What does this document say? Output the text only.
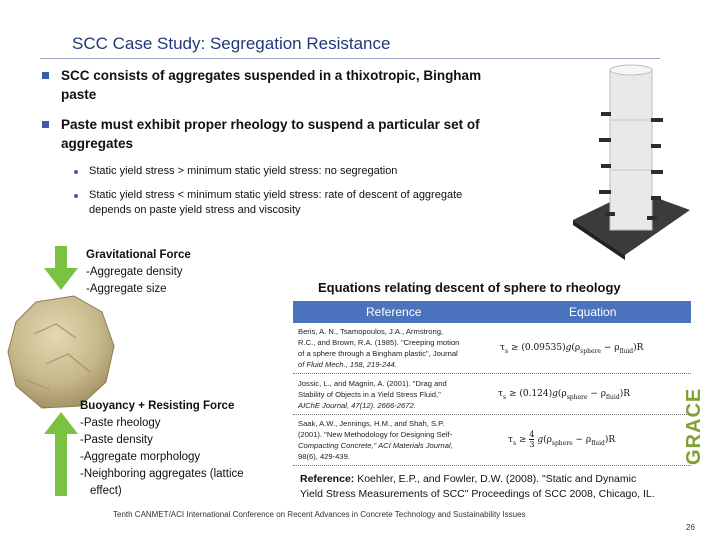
SCC Case Study: Segregation Resistance
SCC consists of aggregates suspended in a thixotropic, Bingham
paste
Paste must exhibit proper rheology to suspend a particular set of
aggregates
Static yield stress > minimum static yield stress: no segregation
Static yield stress < minimum static yield stress: rate of descent of aggregate
depends on paste yield stress and viscosity
Gravitational Force
-Aggregate density
-Aggregate size
Buoyancy + Resisting Force
-Paste rheology
-Paste density
-Aggregate morphology
-Neighboring aggregates (lattice
effect)
Equations relating descent of sphere to rheology
Reference	Equation
Beris, A. N., Tsamopoulos, J.A., Armstrong,
R.C., and Brown, R.A. (1985). "Creeping motion
of a sphere through a Bingham plastic", Journal
of Fluid Mech., 158, 219-244.
$\tau_s \ge (0.09535)g(\rho_{sphere} - \rho_{fluid})R$
Jossic, L., and Magnin, A. (2001). "Drag and
Stability of Objects in a Yield Stress Fluid,"
AIChE Journal, 47(12). 2666-2672.
$\tau_s \ge (0.124)g(\rho_{sphere} - \rho_{fluid})R$
Saak, A.W., Jennings, H.M., and Shah, S.P.
(2001). "New Methodology for Designing Self-
Compacting Concrete," ACI Materials Journal,
98(6), 429-439.
$\tau_s \ge \frac{4}{3} g(\rho_{sphere} - \rho_{fluid})R$
Reference: Koehler, E.P., and Fowler, D.W. (2008). "Static and Dynamic
Yield Stress Measurements of SCC" Proceedings of SCC 2008, Chicago, IL.
GRACE
Tenth CANMET/ACI International Conference on Recent Advances in Concrete Technology and Sustainability Issues
26
